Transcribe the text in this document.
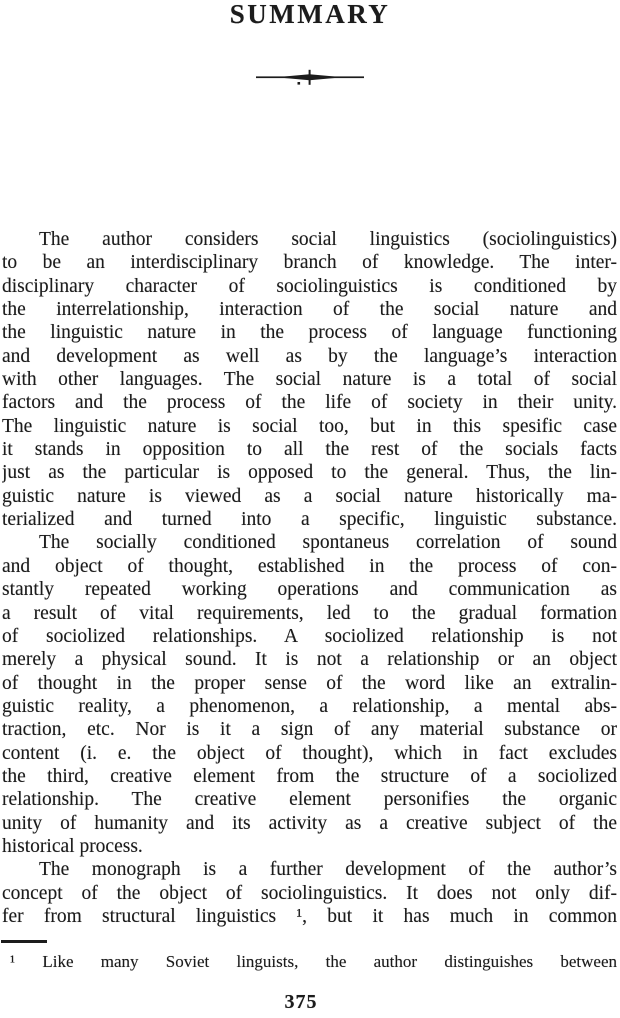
SUMMARY
The author considers social linguistics (sociolinguistics)
to be an interdisciplinary branch of knowledge. The inter-
disciplinary character of sociolinguistics is conditioned by
the interrelationship, interaction of the social nature and
the linguistic nature in the process of language functioning
and development as well as by the language’s interaction
with other languages. The social nature is a total of social
factors and the process of the life of society in their unity.
The linguistic nature is social too, but in this spesific case
it stands in opposition to all the rest of the socials facts
just as the particular is opposed to the general. Thus, the lin-
guistic nature is viewed as a social nature historically ma-
terialized and turned into a specific, linguistic substance.
The socially conditioned spontaneus correlation of sound
and object of thought, established in the process of con-
stantly repeated working operations and communication as
a result of vital requirements, led to the gradual formation
of sociolized relationships. A sociolized relationship is not
merely a physical sound. It is not a relationship or an object
of thought in the proper sense of the word like an extralin-
guistic reality, a phenomenon, a relationship, a mental abs-
traction, etc. Nor is it a sign of any material substance or
content (i. e. the object of thought), which in fact excludes
the third, creative element from the structure of a sociolized
relationship. The creative element personifies the organic
unity of humanity and its activity as a creative subject of the
historical process.
The monograph is a further development of the author’s
concept of the object of sociolinguistics. It does not only dif-
fer from structural linguistics ¹, but it has much in common
¹ Like many Soviet linguists, the author distinguishes between
375
